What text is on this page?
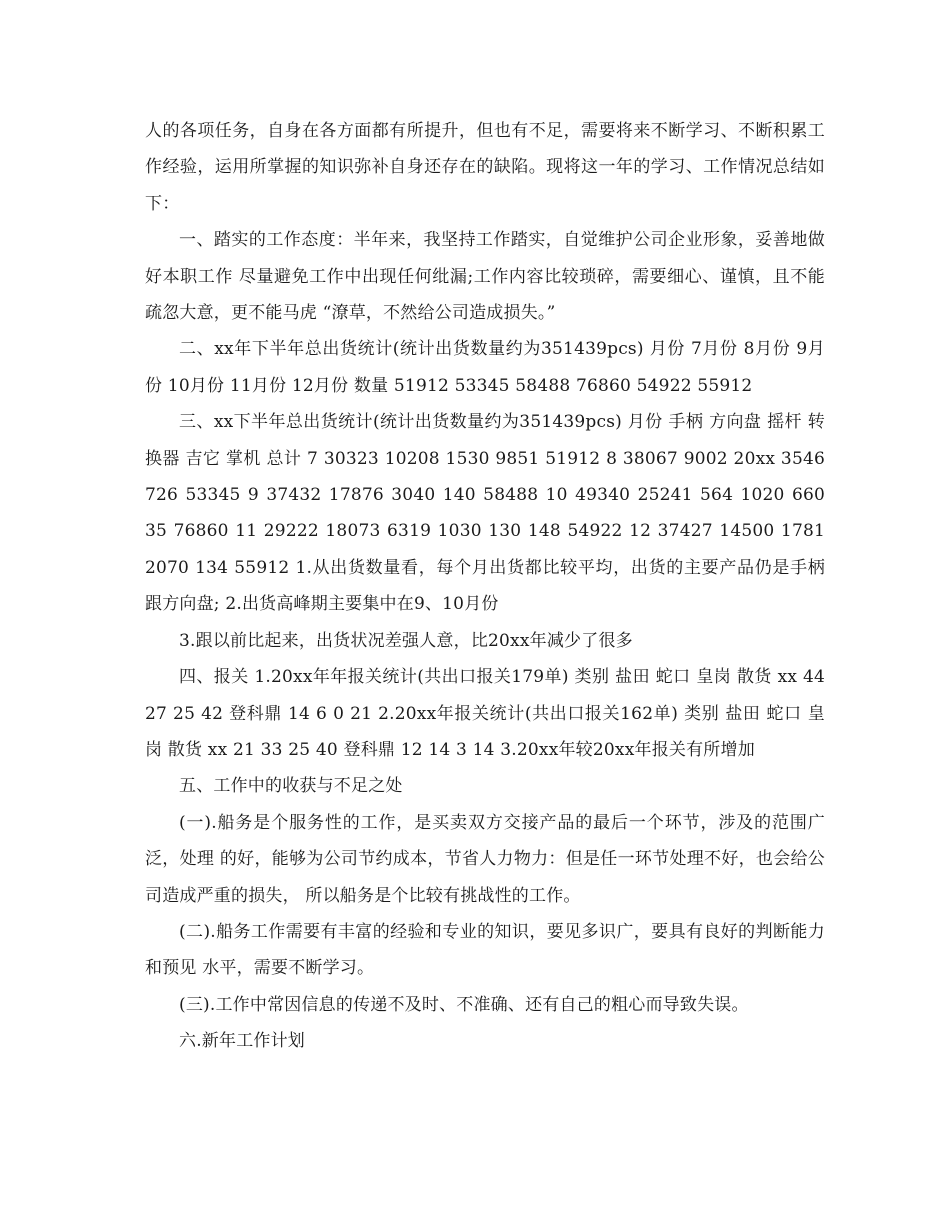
人的各项任务，自身在各方面都有所提升，但也有不足，需要将来不断学习、不断积累工 作经验，运用所掌握的知识弥补自身还存在的缺陷。现将这一年的学习、工作情况总结如下：

一、踏实的工作态度：半年来，我坚持工作踏实，自觉维护公司企业形象，妥善地做好本职工作 尽量避免工作中出现任何纰漏;工作内容比较琐碎，需要细心、谨慎，且不能疏忽大意，更不能马虎 “潦草，不然给公司造成损失。”

二、xx年下半年总出货统计(统计出货数量约为351439pcs) 月份 7月份 8月份 9月份 10月份 11月份 12月份 数量 51912 53345 58488 76860 54922 55912

三、xx下半年总出货统计(统计出货数量约为351439pcs) 月份 手柄 方向盘 摇杆 转换器 吉它 掌机 总计 7 30323 10208 1530 9851 51912 8 38067 9002 20xx 3546 726 53345 9 37432 17876 3040 140 58488 10 49340 25241 564 1020 660 35 76860 11 29222 18073 6319 1030 130 148 54922 12 37427 14500 1781 2070 134 55912 1.从出货数量看，每个月出货都比较平均，出货的主要产品仍是手柄跟方向盘; 2.出货高峰期主要集中在9、10月份

3.跟以前比起来，出货状况差强人意，比20xx年减少了很多

四、报关 1.20xx年年报关统计(共出口报关179单) 类别 盐田 蛇口 皇岗 散货 xx 44 27 25 42 登科鼎 14 6 0 21 2.20xx年报关统计(共出口报关162单) 类别 盐田 蛇口 皇岗 散货 xx 21 33 25 40 登科鼎 12 14 3 14 3.20xx年较20xx年报关有所增加

五、工作中的收获与不足之处

(一).船务是个服务性的工作，是买卖双方交接产品的最后一个环节，涉及的范围广泛，处理 的好，能够为公司节约成本，节省人力物力：但是任一环节处理不好，也会给公司造成严重的损失， 所以船务是个比较有挑战性的工作。

(二).船务工作需要有丰富的经验和专业的知识，要见多识广，要具有良好的判断能力和预见 水平，需要不断学习。

(三).工作中常因信息的传递不及时、不准确、还有自己的粗心而导致失误。

六.新年工作计划
